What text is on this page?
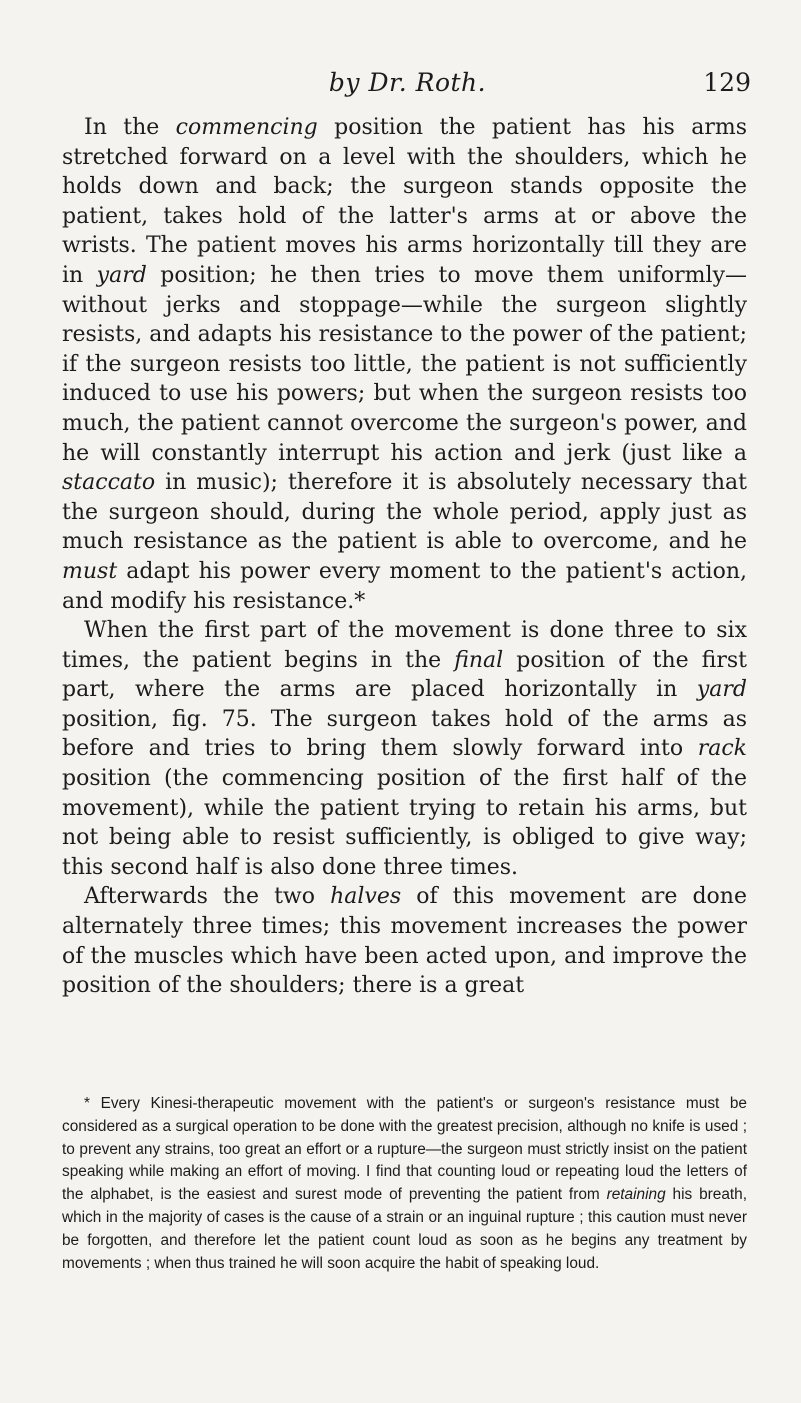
by Dr. Roth.	129

In the commencing position the patient has his arms stretched forward on a level with the shoulders, which he holds down and back; the surgeon stands opposite the patient, takes hold of the latter's arms at or above the wrists. The patient moves his arms horizontally till they are in yard position; he then tries to move them uniformly—without jerks and stoppage—while the surgeon slightly resists, and adapts his resistance to the power of the patient; if the surgeon resists too little, the patient is not sufficiently induced to use his powers; but when the surgeon resists too much, the patient cannot overcome the surgeon's power, and he will constantly interrupt his action and jerk (just like a staccato in music); therefore it is absolutely necessary that the surgeon should, during the whole period, apply just as much resistance as the patient is able to overcome, and he must adapt his power every moment to the patient's action, and modify his resistance.*

When the first part of the movement is done three to six times, the patient begins in the final position of the first part, where the arms are placed horizontally in yard position, fig. 75. The surgeon takes hold of the arms as before and tries to bring them slowly forward into rack position (the commencing position of the first half of the movement), while the patient trying to retain his arms, but not being able to resist sufficiently, is obliged to give way; this second half is also done three times.

Afterwards the two halves of this movement are done alternately three times; this movement increases the power of the muscles which have been acted upon, and improve the position of the shoulders; there is a great

* Every Kinesi-therapeutic movement with the patient's or surgeon's resistance must be considered as a surgical operation to be done with the greatest precision, although no knife is used ; to prevent any strains, too great an effort or a rupture—the surgeon must strictly insist on the patient speaking while making an effort of moving. I find that counting loud or repeating loud the letters of the alphabet, is the easiest and surest mode of preventing the patient from retaining his breath, which in the majority of cases is the cause of a strain or an inguinal rupture ; this caution must never be forgotten, and therefore let the patient count loud as soon as he begins any treatment by movements ; when thus trained he will soon acquire the habit of speaking loud.
